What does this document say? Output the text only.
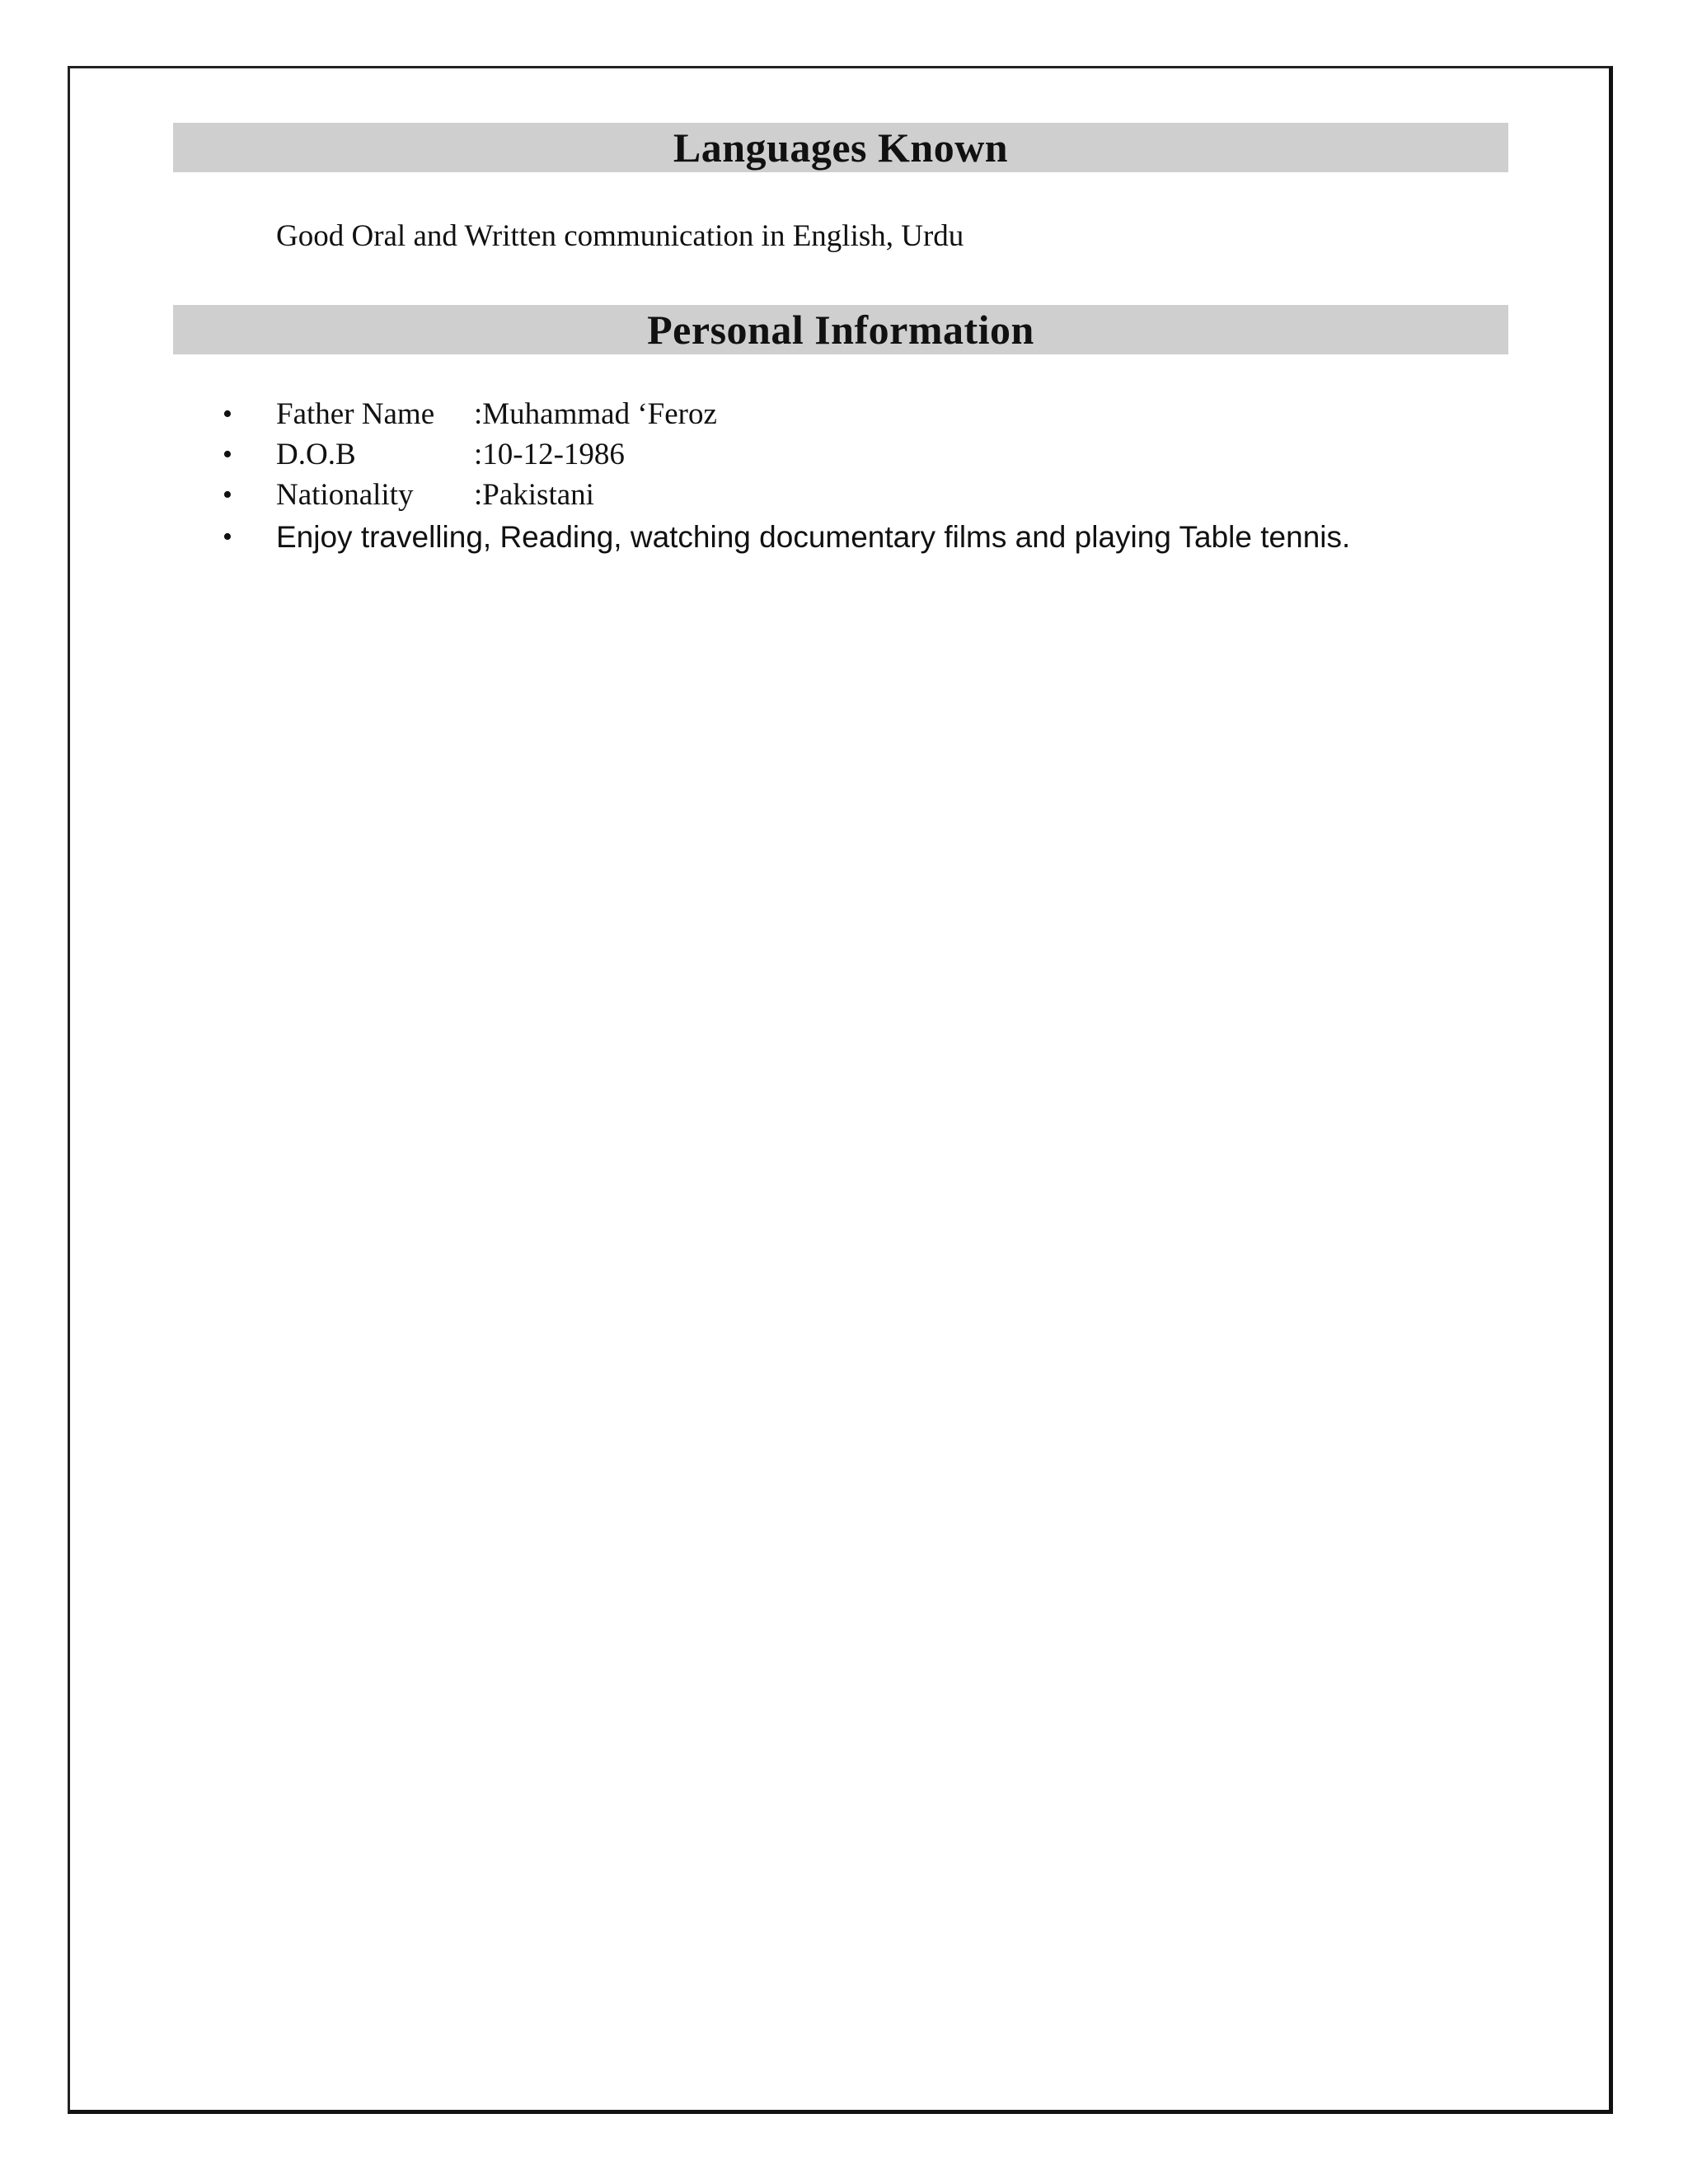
Languages Known
Good Oral and Written communication in English, Urdu
Personal Information
•	Father Name	:Muhammad ‘Feroz
•	D.O.B	:10-12-1986
•	Nationality	:Pakistani
•	Enjoy travelling, Reading, watching documentary films and playing Table tennis.
